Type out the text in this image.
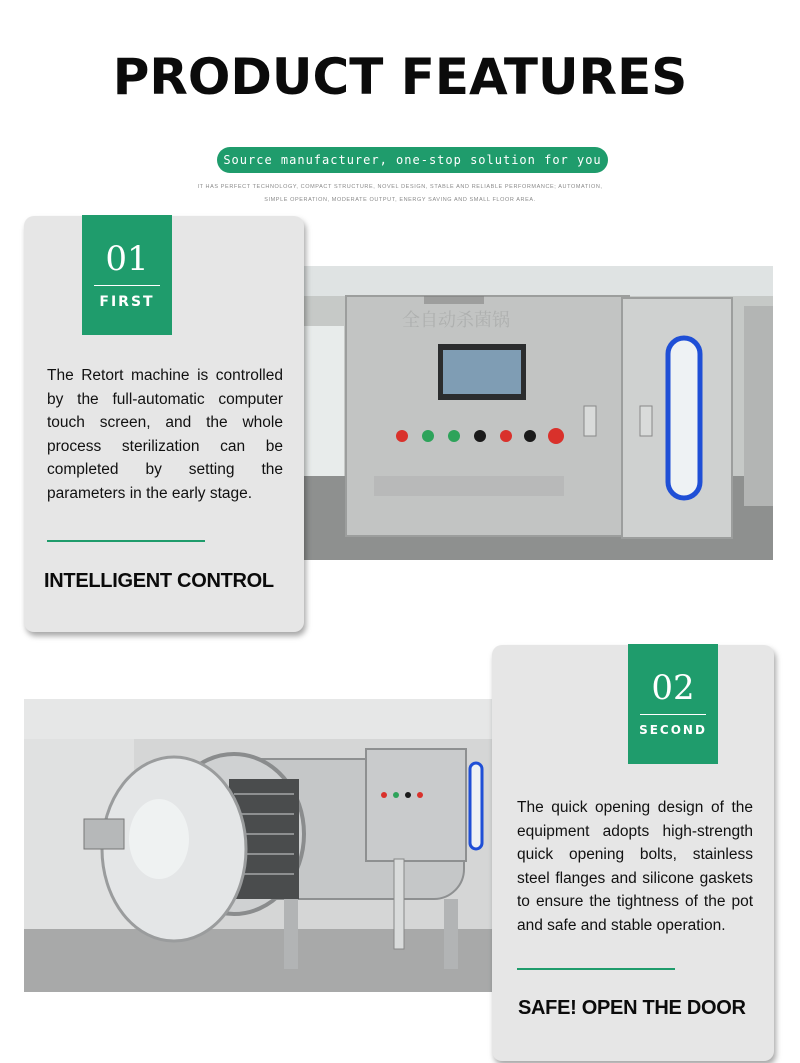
PRODUCT FEATURES
Source manufacturer, one-stop solution for you
IT HAS PERFECT TECHNOLOGY, COMPACT STRUCTURE, NOVEL DESIGN, STABLE AND RELIABLE PERFORMANCE; AUTOMATION,
SIMPLE OPERATION, MODERATE OUTPUT, ENERGY SAVING AND SMALL FLOOR AREA.
全自动杀菌锅
01
FIRST
The Retort machine is controlled by the full-automatic computer touch screen, and the whole process sterilization can be completed by setting the parameters in the early stage.
INTELLIGENT CONTROL
02
SECOND
The quick opening design of the equipment adopts high-strength quick opening bolts, stainless steel flanges and silicone gaskets to ensure the tightness of the pot and safe and stable operation.
SAFE! OPEN THE DOOR
